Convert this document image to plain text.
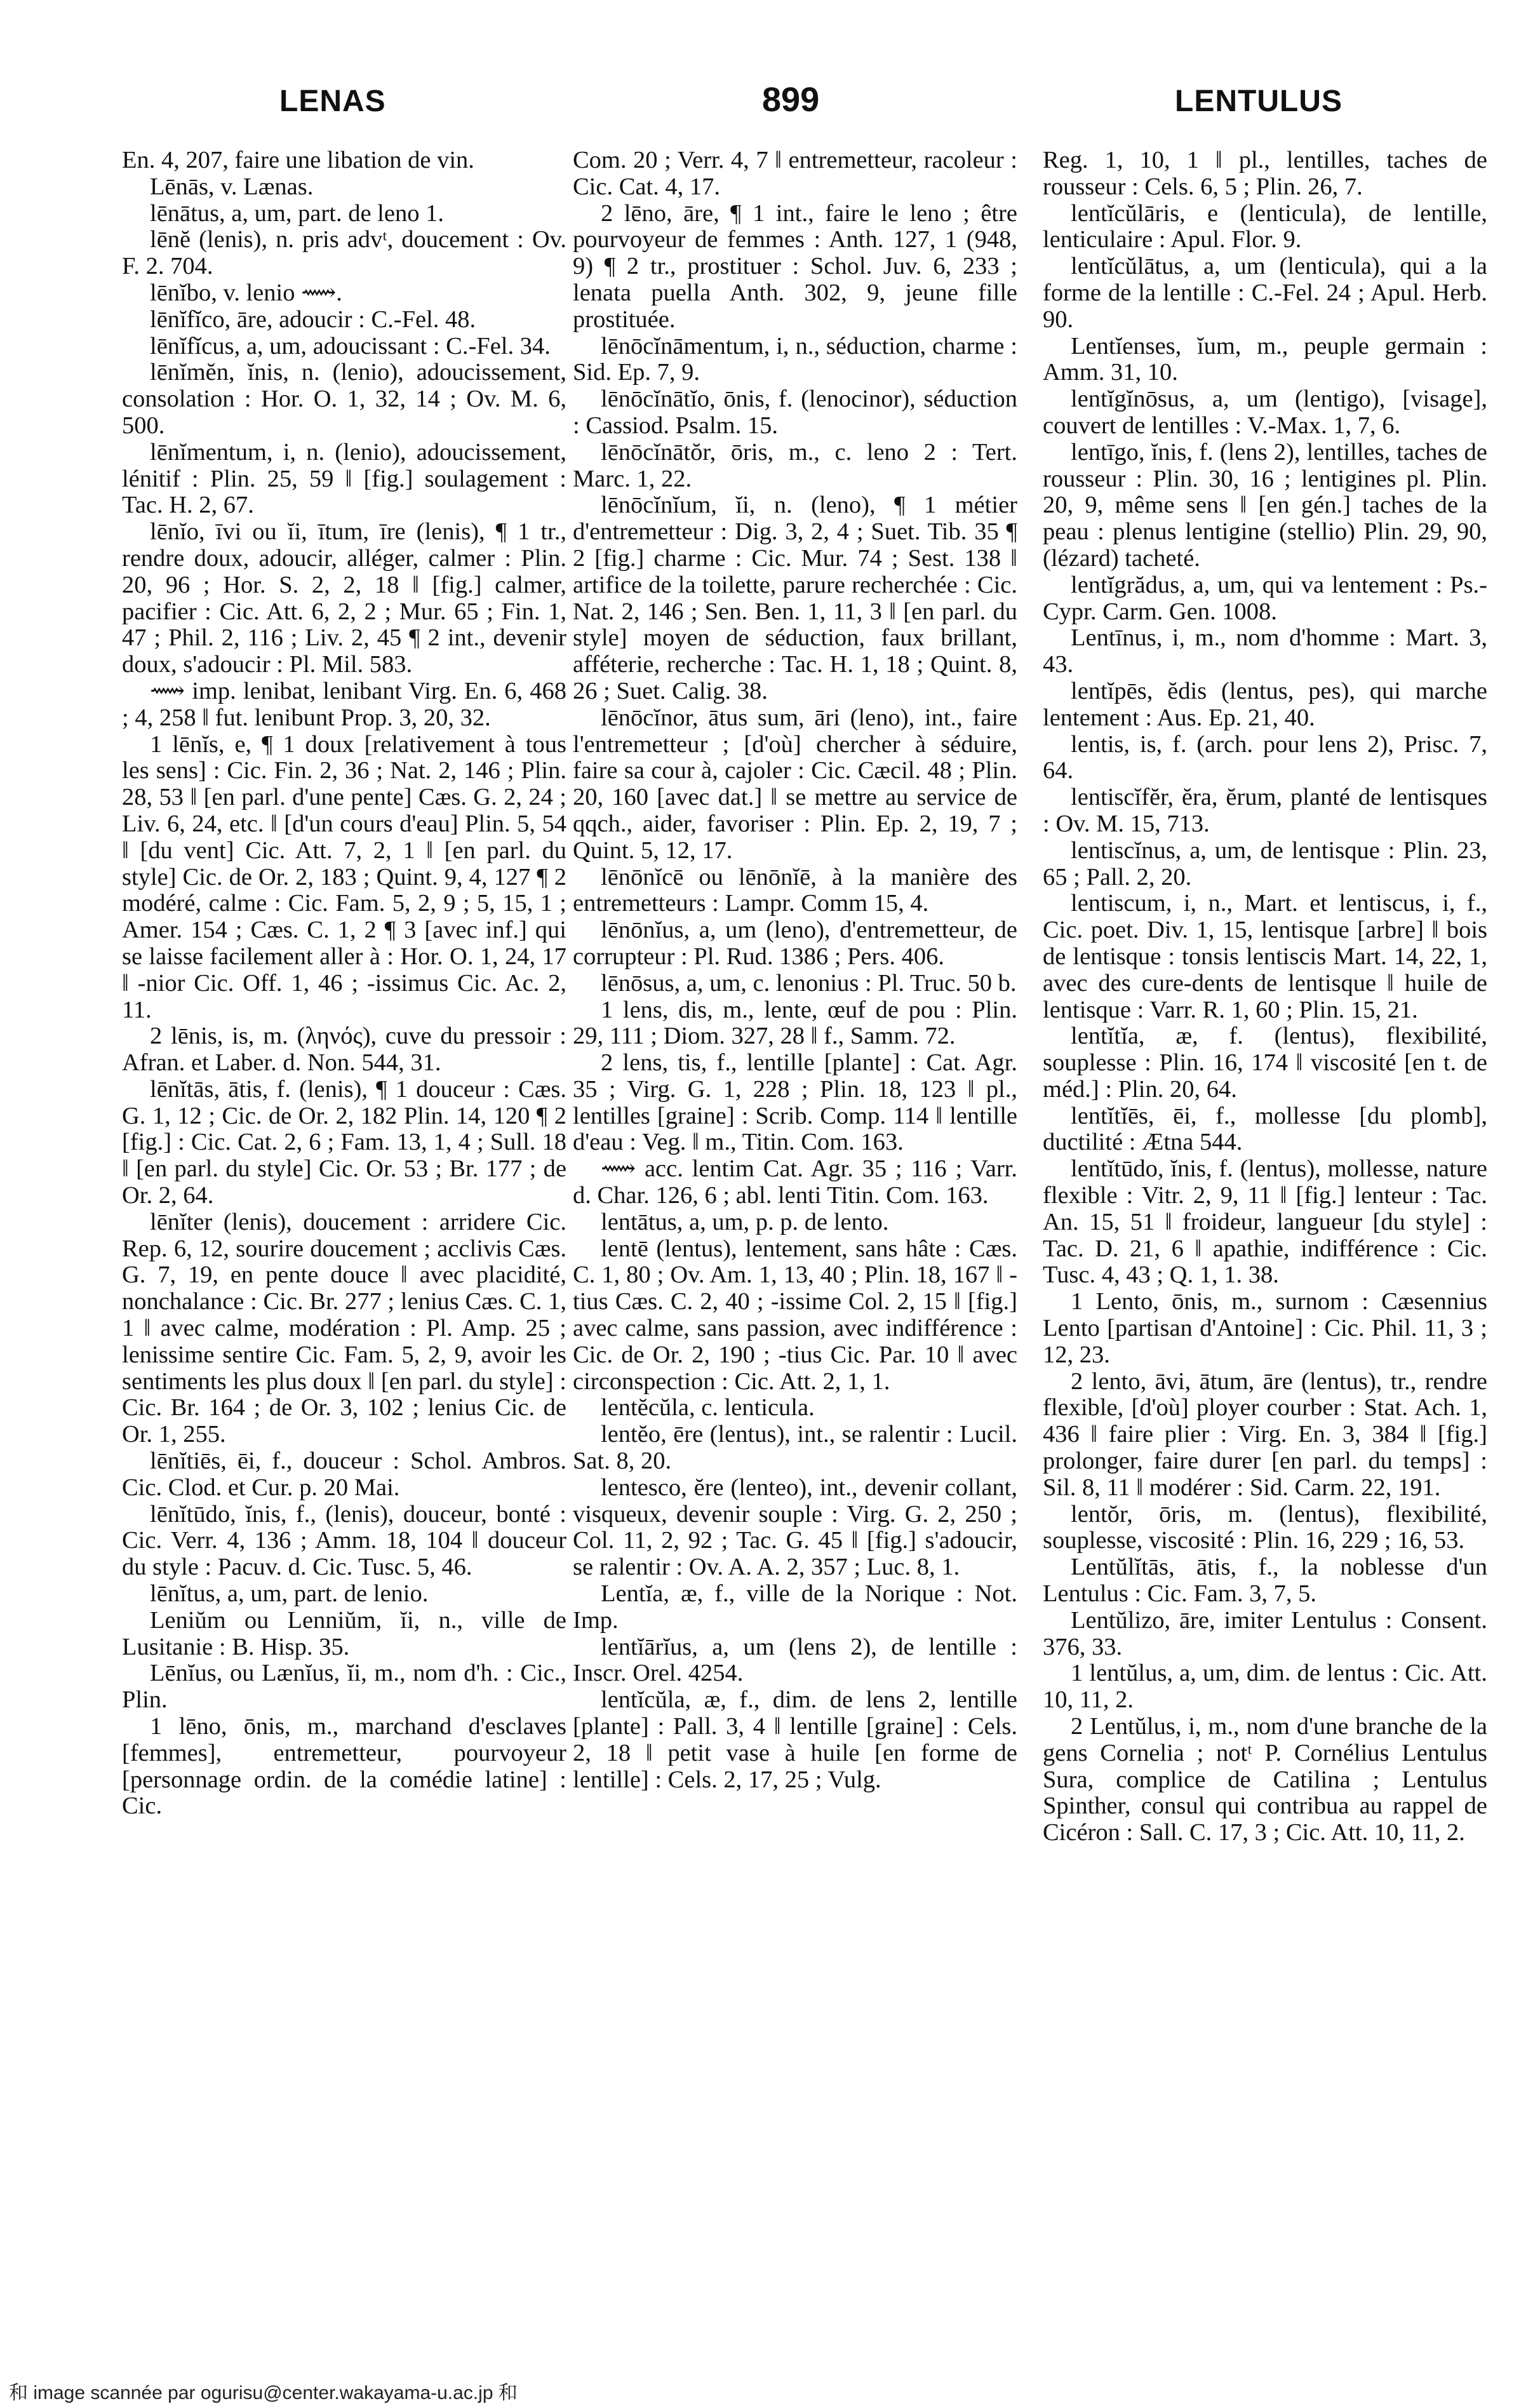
LENAS	899	LENTULUS

En. 4, 207, faire une libation de vin.

Lēnās, v. Lænas.

lēnātus, a, um, part. de leno 1.

lēnĕ (lenis), n. pris advᵗ, doucement : Ov. F. 2. 704.

lēnĭbo, v. lenio ⟿.

lēnĭfĭco, āre, adoucir : C.-Fel. 48.

lēnĭfĭcus, a, um, adoucissant : C.-Fel. 34.

lēnĭmĕn, ĭnis, n. (lenio), adoucissement, consolation : Hor. O. 1, 32, 14 ; Ov. M. 6, 500.

lēnĭmentum, i, n. (lenio), adoucissement, lénitif : Plin. 25, 59 ‖ [fig.] soulagement : Tac. H. 2, 67.

lēnĭo, īvi ou ĭi, ītum, īre (lenis), ¶ 1 tr., rendre doux, adoucir, alléger, calmer : Plin. 20, 96 ; Hor. S. 2, 2, 18 ‖ [fig.] calmer, pacifier : Cic. Att. 6, 2, 2 ; Mur. 65 ; Fin. 1, 47 ; Phil. 2, 116 ; Liv. 2, 45 ¶ 2 int., devenir doux, s'adoucir : Pl. Mil. 583.

⟿ imp. lenibat, lenibant Virg. En. 6, 468 ; 4, 258 ‖ fut. lenibunt Prop. 3, 20, 32.

1 lēnĭs, e, ¶ 1 doux [relativement à tous les sens] : Cic. Fin. 2, 36 ; Nat. 2, 146 ; Plin. 28, 53 ‖ [en parl. d'une pente] Cæs. G. 2, 24 ; Liv. 6, 24, etc. ‖ [d'un cours d'eau] Plin. 5, 54 ‖ [du vent] Cic. Att. 7, 2, 1 ‖ [en parl. du style] Cic. de Or. 2, 183 ; Quint. 9, 4, 127 ¶ 2 modéré, calme : Cic. Fam. 5, 2, 9 ; 5, 15, 1 ; Amer. 154 ; Cæs. C. 1, 2 ¶ 3 [avec inf.] qui se laisse facilement aller à : Hor. O. 1, 24, 17 ‖ -nior Cic. Off. 1, 46 ; -issimus Cic. Ac. 2, 11.

2 lēnis, is, m. (ληνός), cuve du pressoir : Afran. et Laber. d. Non. 544, 31.

lēnĭtās, ātis, f. (lenis), ¶ 1 douceur : Cæs. G. 1, 12 ; Cic. de Or. 2, 182 Plin. 14, 120 ¶ 2 [fig.] : Cic. Cat. 2, 6 ; Fam. 13, 1, 4 ; Sull. 18 ‖ [en parl. du style] Cic. Or. 53 ; Br. 177 ; de Or. 2, 64.

lēnĭter (lenis), doucement : arridere Cic. Rep. 6, 12, sourire doucement ; acclivis Cæs. G. 7, 19, en pente douce ‖ avec placidité, nonchalance : Cic. Br. 277 ; lenius Cæs. C. 1, 1 ‖ avec calme, modération : Pl. Amp. 25 ; lenissime sentire Cic. Fam. 5, 2, 9, avoir les sentiments les plus doux ‖ [en parl. du style] : Cic. Br. 164 ; de Or. 3, 102 ; lenius Cic. de Or. 1, 255.

lēnĭtiēs, ēi, f., douceur : Schol. Ambros. Cic. Clod. et Cur. p. 20 Mai.

lēnĭtūdo, ĭnis, f., (lenis), douceur, bonté : Cic. Verr. 4, 136 ; Amm. 18, 104 ‖ douceur du style : Pacuv. d. Cic. Tusc. 5, 46.

lēnĭtus, a, um, part. de lenio.

Leniŭm ou Lenniŭm, ĭi, n., ville de Lusitanie : B. Hisp. 35.

Lēnĭus, ou Lænĭus, ĭi, m., nom d'h. : Cic., Plin.

1 lēno, ōnis, m., marchand d'esclaves [femmes], entremetteur, pourvoyeur [personnage ordin. de la comédie latine] : Cic.

Com. 20 ; Verr. 4, 7 ‖ entremetteur, racoleur : Cic. Cat. 4, 17.

2 lēno, āre, ¶ 1 int., faire le leno ; être pourvoyeur de femmes : Anth. 127, 1 (948, 9) ¶ 2 tr., prostituer : Schol. Juv. 6, 233 ; lenata puella Anth. 302, 9, jeune fille prostituée.

lēnōcĭnāmentum, i, n., séduction, charme : Sid. Ep. 7, 9.

lēnōcĭnātĭo, ōnis, f. (lenocinor), séduction : Cassiod. Psalm. 15.

lēnōcĭnātŏr, ōris, m., c. leno 2 : Tert. Marc. 1, 22.

lēnōcĭnĭum, ĭi, n. (leno), ¶ 1 métier d'entremetteur : Dig. 3, 2, 4 ; Suet. Tib. 35 ¶ 2 [fig.] charme : Cic. Mur. 74 ; Sest. 138 ‖ artifice de la toilette, parure recherchée : Cic. Nat. 2, 146 ; Sen. Ben. 1, 11, 3 ‖ [en parl. du style] moyen de séduction, faux brillant, afféterie, recherche : Tac. H. 1, 18 ; Quint. 8, 26 ; Suet. Calig. 38.

lēnōcĭnor, ātus sum, āri (leno), int., faire l'entremetteur ; [d'où] chercher à séduire, faire sa cour à, cajoler : Cic. Cæcil. 48 ; Plin. 20, 160 [avec dat.] ‖ se mettre au service de qqch., aider, favoriser : Plin. Ep. 2, 19, 7 ; Quint. 5, 12, 17.

lēnōnĭcē ou lēnōnĭē, à la manière des entremetteurs : Lampr. Comm 15, 4.

lēnōnĭus, a, um (leno), d'entremetteur, de corrupteur : Pl. Rud. 1386 ; Pers. 406.

lēnōsus, a, um, c. lenonius : Pl. Truc. 50 b.

1 lens, dis, m., lente, œuf de pou : Plin. 29, 111 ; Diom. 327, 28 ‖ f., Samm. 72.

2 lens, tis, f., lentille [plante] : Cat. Agr. 35 ; Virg. G. 1, 228 ; Plin. 18, 123 ‖ pl., lentilles [graine] : Scrib. Comp. 114 ‖ lentille d'eau : Veg. ‖ m., Titin. Com. 163.

⟿ acc. lentim Cat. Agr. 35 ; 116 ; Varr. d. Char. 126, 6 ; abl. lenti Titin. Com. 163.

lentātus, a, um, p. p. de lento.

lentē (lentus), lentement, sans hâte : Cæs. C. 1, 80 ; Ov. Am. 1, 13, 40 ; Plin. 18, 167 ‖ -tius Cæs. C. 2, 40 ; -issime Col. 2, 15 ‖ [fig.] avec calme, sans passion, avec indifférence : Cic. de Or. 2, 190 ; -tius Cic. Par. 10 ‖ avec circonspection : Cic. Att. 2, 1, 1.

lentĕcŭla, c. lenticula.

lentĕo, ēre (lentus), int., se ralentir : Lucil. Sat. 8, 20.

lentesco, ĕre (lenteo), int., devenir collant, visqueux, devenir souple : Virg. G. 2, 250 ; Col. 11, 2, 92 ; Tac. G. 45 ‖ [fig.] s'adoucir, se ralentir : Ov. A. A. 2, 357 ; Luc. 8, 1.

Lentĭa, æ, f., ville de la Norique : Not. Imp.

lentĭārĭus, a, um (lens 2), de lentille : Inscr. Orel. 4254.

lentĭcŭla, æ, f., dim. de lens 2, lentille [plante] : Pall. 3, 4 ‖ lentille [graine] : Cels. 2, 18 ‖ petit vase à huile [en forme de lentille] : Cels. 2, 17, 25 ; Vulg.

Reg. 1, 10, 1 ‖ pl., lentilles, taches de rousseur : Cels. 6, 5 ; Plin. 26, 7.

lentĭcŭlāris, e (lenticula), de lentille, lenticulaire : Apul. Flor. 9.

lentĭcŭlātus, a, um (lenticula), qui a la forme de la lentille : C.-Fel. 24 ; Apul. Herb. 90.

Lentĭenses, ĭum, m., peuple germain : Amm. 31, 10.

lentĭgĭnōsus, a, um (lentigo), [visage], couvert de lentilles : V.-Max. 1, 7, 6.

lentīgo, ĭnis, f. (lens 2), lentilles, taches de rousseur : Plin. 30, 16 ; lentigines pl. Plin. 20, 9, même sens ‖ [en gén.] taches de la peau : plenus lentigine (stellio) Plin. 29, 90, (lézard) tacheté.

lentĭgrădus, a, um, qui va lentement : Ps.-Cypr. Carm. Gen. 1008.

Lentīnus, i, m., nom d'homme : Mart. 3, 43.

lentĭpēs, ĕdis (lentus, pes), qui marche lentement : Aus. Ep. 21, 40.

lentis, is, f. (arch. pour lens 2), Prisc. 7, 64.

lentiscĭfĕr, ĕra, ĕrum, planté de lentisques : Ov. M. 15, 713.

lentiscĭnus, a, um, de lentisque : Plin. 23, 65 ; Pall. 2, 20.

lentiscum, i, n., Mart. et lentiscus, i, f., Cic. poet. Div. 1, 15, lentisque [arbre] ‖ bois de lentisque : tonsis lentiscis Mart. 14, 22, 1, avec des cure-dents de lentisque ‖ huile de lentisque : Varr. R. 1, 60 ; Plin. 15, 21.

lentĭtĭa, æ, f. (lentus), flexibilité, souplesse : Plin. 16, 174 ‖ viscosité [en t. de méd.] : Plin. 20, 64.

lentĭtĭēs, ēi, f., mollesse [du plomb], ductilité : Ætna 544.

lentĭtūdo, ĭnis, f. (lentus), mollesse, nature flexible : Vitr. 2, 9, 11 ‖ [fig.] lenteur : Tac. An. 15, 51 ‖ froideur, langueur [du style] : Tac. D. 21, 6 ‖ apathie, indifférence : Cic. Tusc. 4, 43 ; Q. 1, 1. 38.

1 Lento, ōnis, m., surnom : Cæsennius Lento [partisan d'Antoine] : Cic. Phil. 11, 3 ; 12, 23.

2 lento, āvi, ātum, āre (lentus), tr., rendre flexible, [d'où] ployer courber : Stat. Ach. 1, 436 ‖ faire plier : Virg. En. 3, 384 ‖ [fig.] prolonger, faire durer [en parl. du temps] : Sil. 8, 11 ‖ modérer : Sid. Carm. 22, 191.

lentŏr, ōris, m. (lentus), flexibilité, souplesse, viscosité : Plin. 16, 229 ; 16, 53.

Lentŭlĭtās, ātis, f., la noblesse d'un Lentulus : Cic. Fam. 3, 7, 5.

Lentŭlizo, āre, imiter Lentulus : Consent. 376, 33.

1 lentŭlus, a, um, dim. de lentus : Cic. Att. 10, 11, 2.

2 Lentŭlus, i, m., nom d'une branche de la gens Cornelia ; notᵗ P. Cornélius Lentulus Sura, complice de Catilina ; Lentulus Spinther, consul qui contribua au rappel de Cicéron : Sall. C. 17, 3 ; Cic. Att. 10, 11, 2.

和 image scannée par ogurisu@center.wakayama-u.ac.jp 和
